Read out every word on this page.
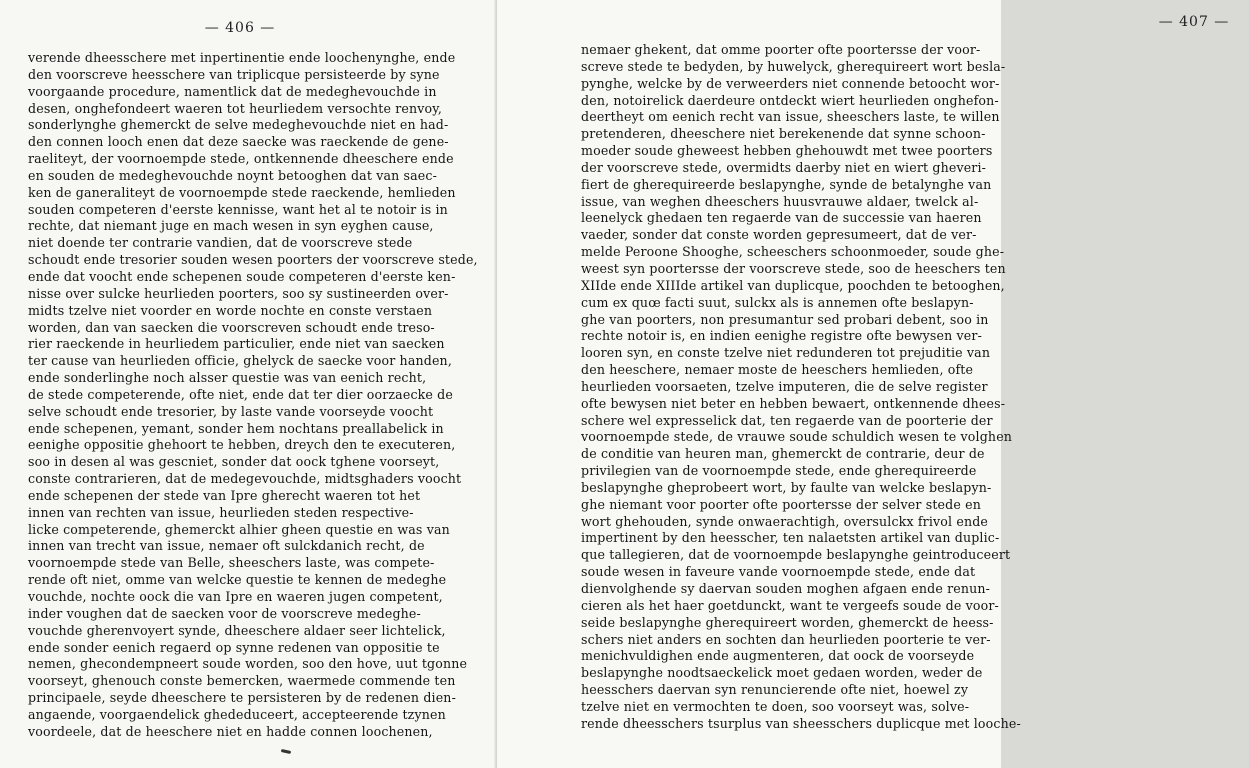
— 406 —
verende dheesschere met inpertinentie ende loochenynghe, ende
den voorscreve heesschere van triplicque persisteerde by syne
voorgaande procedure, namentlick dat de medeghevouchde in
desen, onghefondeert waeren tot heurliedem versochte renvoy,
sonderlynghe ghemerckt de selve medeghevouchde niet en had-
den connen looch enen dat deze saecke was raeckende de gene-
raeliteyt, der voornoempde stede, ontkennende dheeschere ende
en souden de medeghevouchde noynt betooghen dat van saec-
ken de ganeraliteyt de voornoempde stede raeckende, hemlieden
souden competeren d'eerste kennisse, want het al te notoir is in
rechte, dat niemant juge en mach wesen in syn eyghen cause,
niet doende ter contrarie vandien, dat de voorscreve stede
schoudt ende tresorier souden wesen poorters der voorscreve stede,
ende dat voocht ende schepenen soude competeren d'eerste ken-
nisse over sulcke heurlieden poorters, soo sy sustineerden over-
midts tzelve niet voorder en worde nochte en conste verstaen
worden, dan van saecken die voorscreven schoudt ende treso-
rier raeckende in heurliedem particulier, ende niet van saecken
ter cause van heurlieden officie, ghelyck de saecke voor handen,
ende sonderlinghe noch alsser questie was van eenich recht,
de stede competerende, ofte niet, ende dat ter dier oorzaecke de
selve schoudt ende tresorier, by laste vande voorseyde voocht
ende schepenen, yemant, sonder hem nochtans preallabelick in
eenighe oppositie ghehoort te hebben, dreych den te executeren,
soo in desen al was gescniet, sonder dat oock tghene voorseyt,
conste contrarieren, dat de medegevouchde, midtsghaders voocht
ende schepenen der stede van Ipre gherecht waeren tot het
innen van rechten van issue, heurlieden steden respective-
licke competerende, ghemerckt alhier gheen questie en was van
innen van trecht van issue, nemaer oft sulckdanich recht, de
voornoempde stede van Belle, sheeschers laste, was compete-
rende oft niet, omme van welcke questie te kennen de medeghe
vouchde, nochte oock die van Ipre en waeren jugen competent,
inder voughen dat de saecken voor de voorscreve medeghe-
vouchde gherenvoyert synde, dheeschere aldaer seer lichtelick,
ende sonder eenich regaerd op synne redenen van oppositie te
nemen, ghecondempneert soude worden, soo den hove, uut tgonne
voorseyt, ghenouch conste bemercken, waermede commende ten
principaele, seyde dheeschere te persisteren by de redenen dien-
angaende, voorgaendelick ghededuceert, accepteerende tzynen
voordeele, dat de heeschere niet en hadde connen loochenen,
— 407 —
nemaer ghekent, dat omme poorter ofte poortersse der voor-
screve stede te bedyden, by huwelyck, gherequireert wort besla-
pynghe, welcke by de verweerders niet connende betoocht wor-
den, notoirelick daerdeure ontdeckt wiert heurlieden onghefon-
deertheyt om eenich recht van issue, sheeschers laste, te willen
pretenderen, dheeschere niet berekenende dat synne schoon-
moeder soude gheweest hebben ghehouwdt met twee poorters
der voorscreve stede, overmidts daerby niet en wiert gheveri-
fiert de gherequireerde beslapynghe, synde de betalynghe van
issue, van weghen dheeschers huusvrauwe aldaer, twelck al-
leenelyck ghedaen ten regaerde van de successie van haeren
vaeder, sonder dat conste worden gepresumeert, dat de ver-
melde Peroone Shooghe, scheeschers schoonmoeder, soude ghe-
weest syn poortersse der voorscreve stede, soo de heeschers ten
XIIde ende XIIIde artikel van duplicque, poochden te betooghen,
cum ex quœ facti suut, sulckx als is annemen ofte beslapyn-
ghe van poorters, non presumantur sed probari debent, soo in
rechte notoir is, en indien eenighe registre ofte bewysen ver-
looren syn, en conste tzelve niet redunderen tot prejuditie van
den heeschere, nemaer moste de heeschers hemlieden, ofte
heurlieden voorsaeten, tzelve imputeren, die de selve register
ofte bewysen niet beter en hebben bewaert, ontkennende dhees-
schere wel expresselick dat, ten regaerde van de poorterie der
voornoempde stede, de vrauwe soude schuldich wesen te volghen
de conditie van heuren man, ghemerckt de contrarie, deur de
privilegien van de voornoempde stede, ende gherequireerde
beslapynghe gheprobeert wort, by faulte van welcke beslapyn-
ghe niemant voor poorter ofte poortersse der selver stede en
wort ghehouden, synde onwaerachtigh, oversulckx frivol ende
impertinent by den heesscher, ten nalaetsten artikel van duplic-
que tallegieren, dat de voornoempde beslapynghe geintroduceert
soude wesen in faveure vande voornoempde stede, ende dat
dienvolghende sy daervan souden moghen afgaen ende renun-
cieren als het haer goetdunckt, want te vergeefs soude de voor-
seide beslapynghe gherequireert worden, ghemerckt de heess-
schers niet anders en sochten dan heurlieden poorterie te ver-
menichvuldighen ende augmenteren, dat oock de voorseyde
beslapynghe noodtsaeckelick moet gedaen worden, weder de
heesschers daervan syn renuncierende ofte niet, hoewel zy
tzelve niet en vermochten te doen, soo voorseyt was, solve-
rende dheesschers tsurplus van sheesschers duplicque met looche-
